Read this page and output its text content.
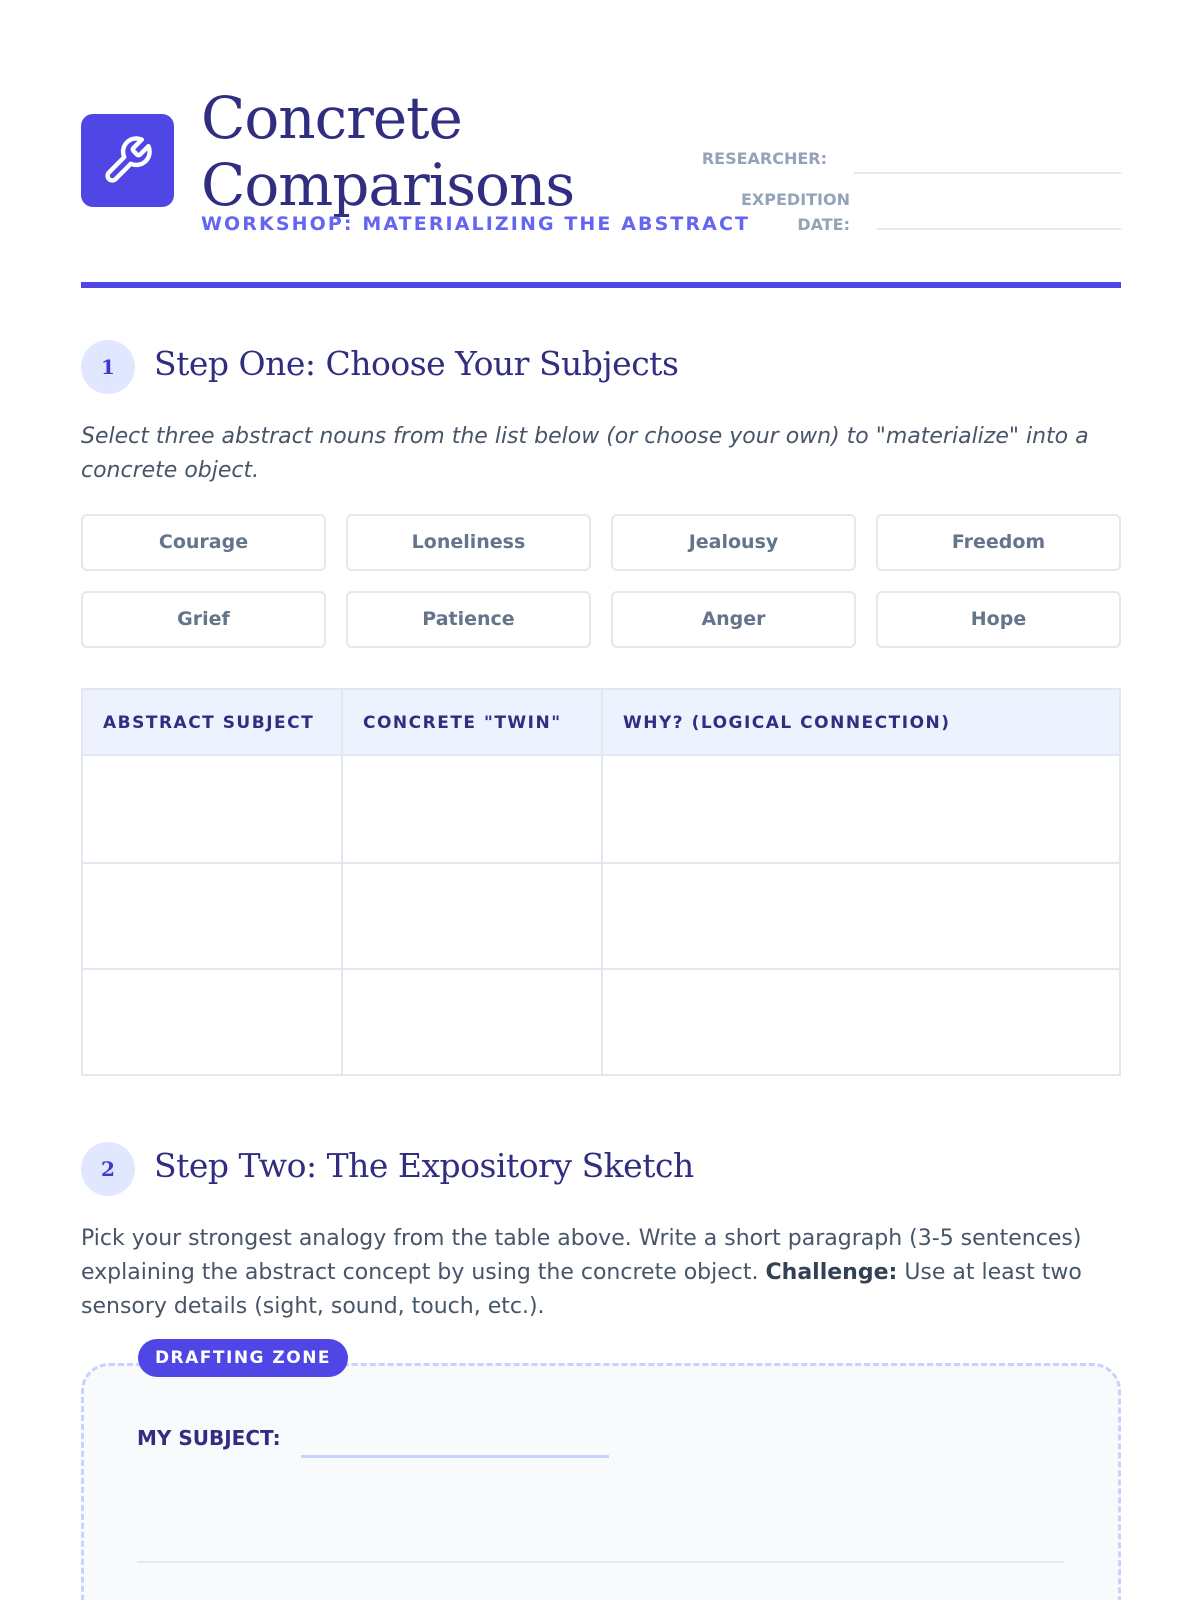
Concrete
Comparisons
WORKSHOP: MATERIALIZING THE ABSTRACT
RESEARCHER:
EXPEDITION
DATE:
1	Step One: Choose Your Subjects
Select three abstract nouns from the list below (or choose your own) to "materialize" into a concrete object.
Courage	Loneliness	Jealousy	Freedom
Grief	Patience	Anger	Hope
ABSTRACT SUBJECT	CONCRETE "TWIN"	WHY? (LOGICAL CONNECTION)
2	Step Two: The Expository Sketch
Pick your strongest analogy from the table above. Write a short paragraph (3-5 sentences) explaining the abstract concept by using the concrete object. Challenge: Use at least two sensory details (sight, sound, touch, etc.).
DRAFTING ZONE
MY SUBJECT:
